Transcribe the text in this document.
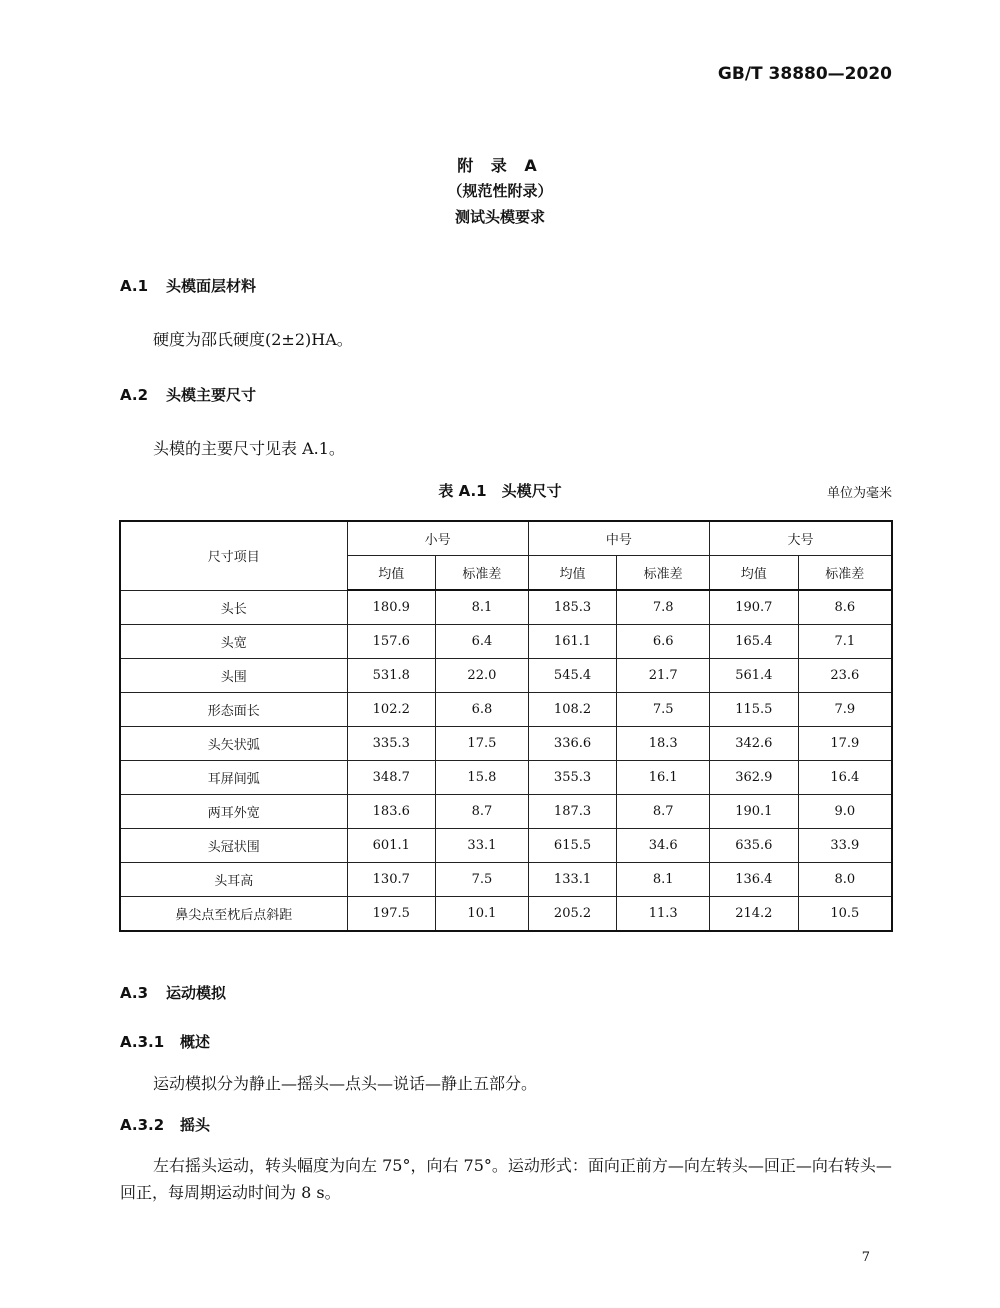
GB/T 38880—2020
附 录 A
（规范性附录）
测试头模要求
A.1 头模面层材料
硬度为邵氏硬度(2±2)HA。
A.2 头模主要尺寸
头模的主要尺寸见表 A.1。
表 A.1　头模尺寸	单位为毫米
尺寸项目	小号		中号		大号	
	均值	标准差	均值	标准差	均值	标准差
头长	180.9	8.1	185.3	7.8	190.7	8.6
头宽	157.6	6.4	161.1	6.6	165.4	7.1
头围	531.8	22.0	545.4	21.7	561.4	23.6
形态面长	102.2	6.8	108.2	7.5	115.5	7.9
头矢状弧	335.3	17.5	336.6	18.3	342.6	17.9
耳屏间弧	348.7	15.8	355.3	16.1	362.9	16.4
两耳外宽	183.6	8.7	187.3	8.7	190.1	9.0
头冠状围	601.1	33.1	615.5	34.6	635.6	33.9
头耳高	130.7	7.5	133.1	8.1	136.4	8.0
鼻尖点至枕后点斜距	197.5	10.1	205.2	11.3	214.2	10.5
A.3 运动模拟
A.3.1 概述
运动模拟分为静止—摇头—点头—说话—静止五部分。
A.3.2 摇头
左右摇头运动，转头幅度为向左 75°，向右 75°。运动形式：面向正前方—向左转头—回正—向右转头—回正，每周期运动时间为 8 s。
7
